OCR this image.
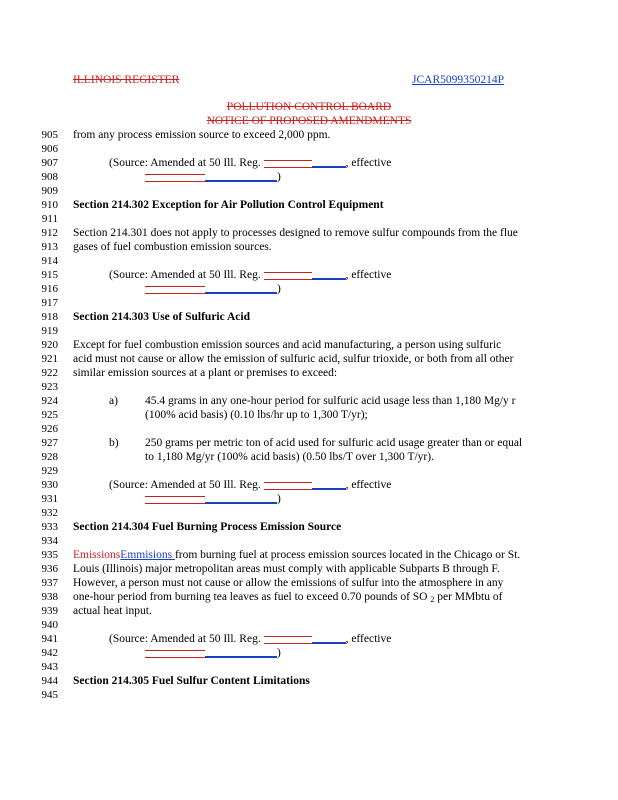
ILLINOIS REGISTER	JCAR5099350214P
POLLUTION CONTROL BOARD
NOTICE OF PROPOSED AMENDMENTS
905
906
907
908
909
910
911
912
913
914
915
916
917
918
919
920
921
922
923
924
925
926
927
928
929
930
931
932
933
934
935
936
937
938
939
940
941
942
943
944
945
from any process emission source to exceed 2,000 ppm.
(Source: Amended at 50 Ill. Reg.	, effective
)
Section 214.302 Exception for Air Pollution Control Equipment
Section 214.301 does not apply to processes designed to remove sulfur compounds from the flue
gases of fuel combustion emission sources.
(Source: Amended at 50 Ill. Reg.	, effective
)
Section 214.303 Use of Sulfuric Acid
Except for fuel combustion emission sources and acid manufacturing, a person using sulfuric
acid must not cause or allow the emission of sulfuric acid, sulfur trioxide, or both from all other
similar emission sources at a plant or premises to exceed:
a) 45.4 grams in any one-hour period for sulfuric acid usage less than 1,180 Mg/y r
(100% acid basis) (0.10 lbs/hr up to 1,300 T/yr);
b) 250 grams per metric ton of acid used for sulfuric acid usage greater than or equal
to 1,180 Mg/yr (100% acid basis) (0.50 lbs/T over 1,300 T/yr).
(Source: Amended at 50 Ill. Reg.	, effective
)
Section 214.304 Fuel Burning Process Emission Source
EmissionsEmmisions from burning fuel at process emission sources located in the Chicago or St.
Louis (Illinois) major metropolitan areas must comply with applicable Subparts B through F.
However, a person must not cause or allow the emissions of sulfur into the atmosphere in any
one-hour period from burning tea leaves as fuel to exceed 0.70 pounds of SO $_2$ per MMbtu of
actual heat input.
(Source: Amended at 50 Ill. Reg.	, effective
)
Section 214.305 Fuel Sulfur Content Limitations
